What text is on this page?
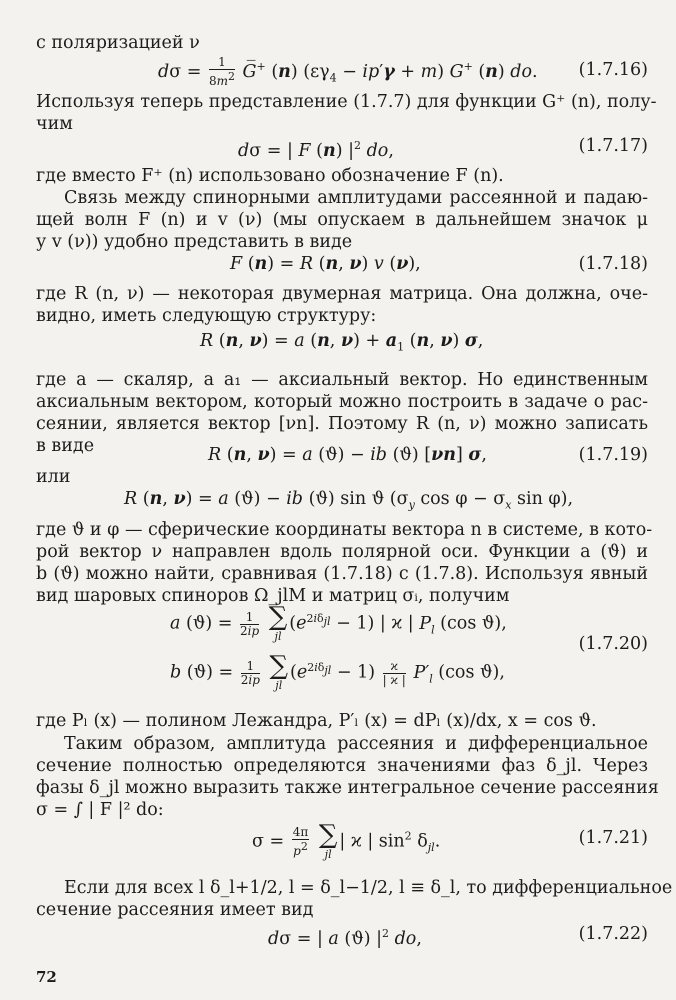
с поляризацией ν
$d\sigma = \frac{1}{8m^2}$ G̅+ (n) $(\varepsilon\gamma_4 - ip'\gamma + m)$ G+ (n) do. (1.7.16)
Используя теперь представление (1.7.7) для функции G⁺ (n), полу-
чим
dσ = | F (n) $|^2$ do,	(1.7.17)
где вместо F⁺ (n) использовано обозначение F (n).
Связь между спинорными амплитудами рассеянной и падаю-
щей волн F (n) и v (ν) (мы опускаем в дальнейшем значок μ
у v (ν)) удобно представить в виде
F (n) = R (n, ν) v (ν),	(1.7.18)
где R (n, ν) — некоторая двумерная матрица. Она должна, оче-
видно, иметь следующую структуру:
R (n, ν) = a (n, $\nu) + a_1$ (n, ν) σ,
где a — скаляр, a a₁ — аксиальный вектор. Но единственным
аксиальным вектором, который можно построить в задаче о рас-
сеянии, является вектор [νn]. Поэтому R (n, ν) можно записать
в виде	R (n, ν) = a (ϑ) − ib (ϑ) [νn] σ,	(1.7.19)
или
R (n, ν) = a (ϑ) − ib (ϑ) sin ϑ ($\sigma_y$ $\cos \varphi - \sigma_x$ sin φ),
где ϑ и φ — сферические координаты вектора n в системе, в кото-
рой вектор ν направлен вдоль полярной оси. Функции a (ϑ) и
b (ϑ) можно найти, сравнивая (1.7.18) с (1.7.8). Используя явный
вид шаровых спиноров Ω_jlM и матриц σᵢ, получим
a $(ϑ) = \frac{1}{2ip}$
∑
jl
$(e^{2i\delta_{jl}} - 1)$ | ϰ | $P_l$ (cos ϑ),
b $(ϑ) = \frac{1}{2ip}$
∑
jl
$(e^{2i\delta_{jl}} - 1) \frac{ϰ}{| ϰ |} P'_l$ (cos ϑ),
(1.7.20)
где Pₗ (x) — полином Лежандра, P′ₗ (x) = dPₗ (x)/dx, x = cos ϑ.
Таким образом, амплитуда рассеяния и дифференциальное
сечение полностью определяются значениями фаз δ_jl. Через
фазы δ_jl можно выразить также интегральное сечение рассеяния
σ = ∫ | F |² do:
$\sigma = \frac{4\pi}{p^2}$
∑
jl
| ϰ | $\sin^2 \delta_{jl}$.	(1.7.21)
Если для всех l δ_l+1/2, l = δ_l−1/2, l ≡ δ_l, то дифференциальное
сечение рассеяния имеет вид
dσ = | a (ϑ) $|^2$ do,	(1.7.22)
72
